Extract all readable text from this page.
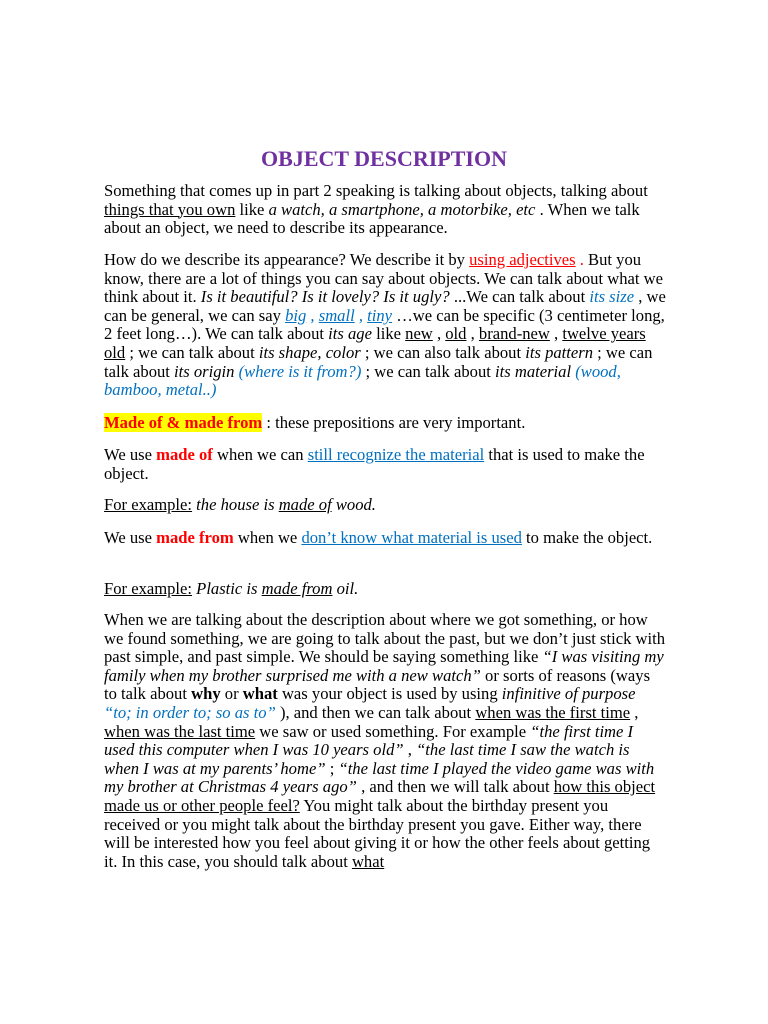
OBJECT DESCRIPTION

Something that comes up in part 2 speaking is talking about objects, talking about things that you own like a watch, a smartphone, a motorbike, etc . When we talk about an object, we need to describe its appearance.

How do we describe its appearance? We describe it by using adjectives . But you know, there are a lot of things you can say about objects. We can talk about what we think about it. Is it beautiful? Is it lovely? Is it ugly? ...We can talk about its size , we can be general, we can say big , small , tiny …we can be specific (3 centimeter long, 2 feet long…). We can talk about its age like new , old , brand-new , twelve years old ; we can talk about its shape, color ; we can also talk about its pattern ; we can talk about its origin (where is it from?) ; we can talk about its material (wood, bamboo, metal..)

Made of & made from : these prepositions are very important.

We use made of when we can still recognize the material that is used to make the object.

For example: the house is made of wood.

We use made from when we don’t know what material is used to make the object.

For example: Plastic is made from oil.

When we are talking about the description about where we got something, or how we found something, we are going to talk about the past, but we don’t just stick with past simple, and past simple. We should be saying something like “I was visiting my family when my brother surprised me with a new watch” or sorts of reasons (ways to talk about why or what was your object is used by using infinitive of purpose “to; in order to; so as to” ), and then we can talk about when was the first time , when was the last time we saw or used something. For example “the first time I used this computer when I was 10 years old” , “the last time I saw the watch is when I was at my parents’ home” ; “the last time I played the video game was with my brother at Christmas 4 years ago” , and then we will talk about how this object made us or other people feel? You might talk about the birthday present you received or you might talk about the birthday present you gave. Either way, there will be interested how you feel about giving it or how the other feels about getting it. In this case, you should talk about what
